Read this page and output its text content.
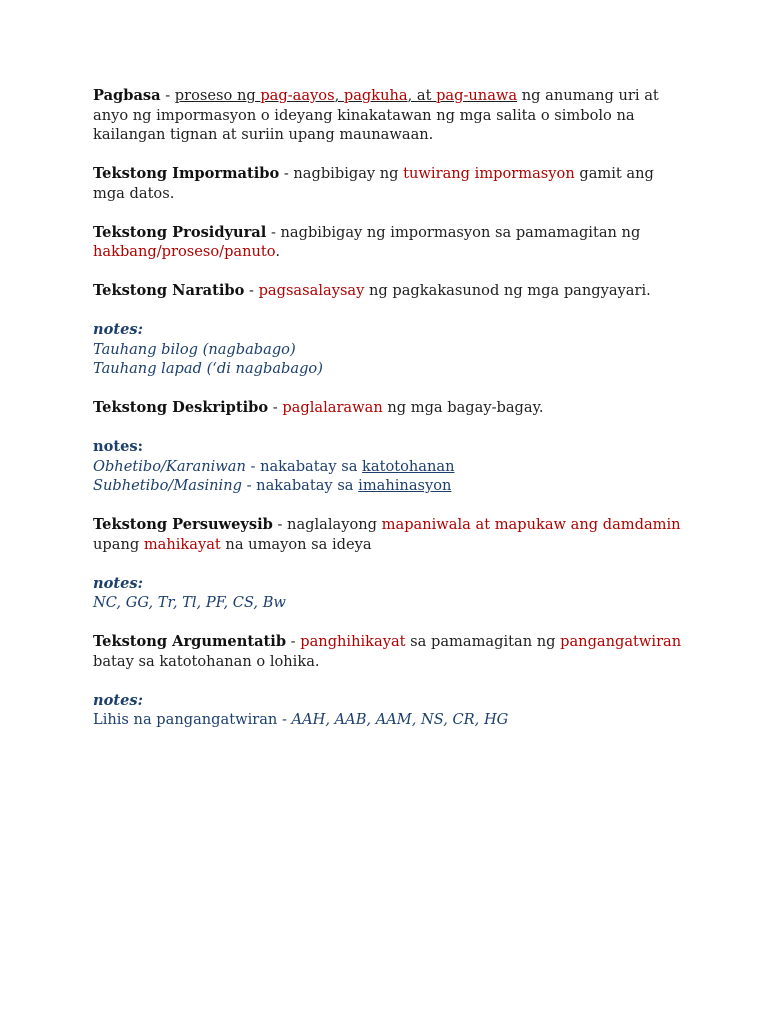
Pagbasa - proseso ng pag-aayos, pagkuha, at pag-unawa ng anumang uri at anyo ng impormasyon o ideyang kinakatawan ng mga salita o simbolo na kailangan tignan at suriin upang maunawaan.

Tekstong Impormatibo - nagbibigay ng tuwirang impormasyon gamit ang mga datos.

Tekstong Prosidyural - nagbibigay ng impormasyon sa pamamagitan ng hakbang/proseso/panuto.

Tekstong Naratibo - pagsasalaysay ng pagkakasunod ng mga pangyayari.

notes:
Tauhang bilog (nagbabago)
Tauhang lapad (‘di nagbabago)

Tekstong Deskriptibo - paglalarawan ng mga bagay-bagay.

notes:
Obhetibo/Karaniwan - nakabatay sa katotohanan
Subhetibo/Masining - nakabatay sa imahinasyon

Tekstong Persuweysib - naglalayong mapaniwala at mapukaw ang damdamin upang mahikayat na umayon sa ideya

notes:
NC, GG, Tr, Tl, PF, CS, Bw

Tekstong Argumentatib - panghihikayat sa pamamagitan ng pangangatwiran batay sa katotohanan o lohika.

notes:
Lihis na pangangatwiran - AAH, AAB, AAM, NS, CR, HG
